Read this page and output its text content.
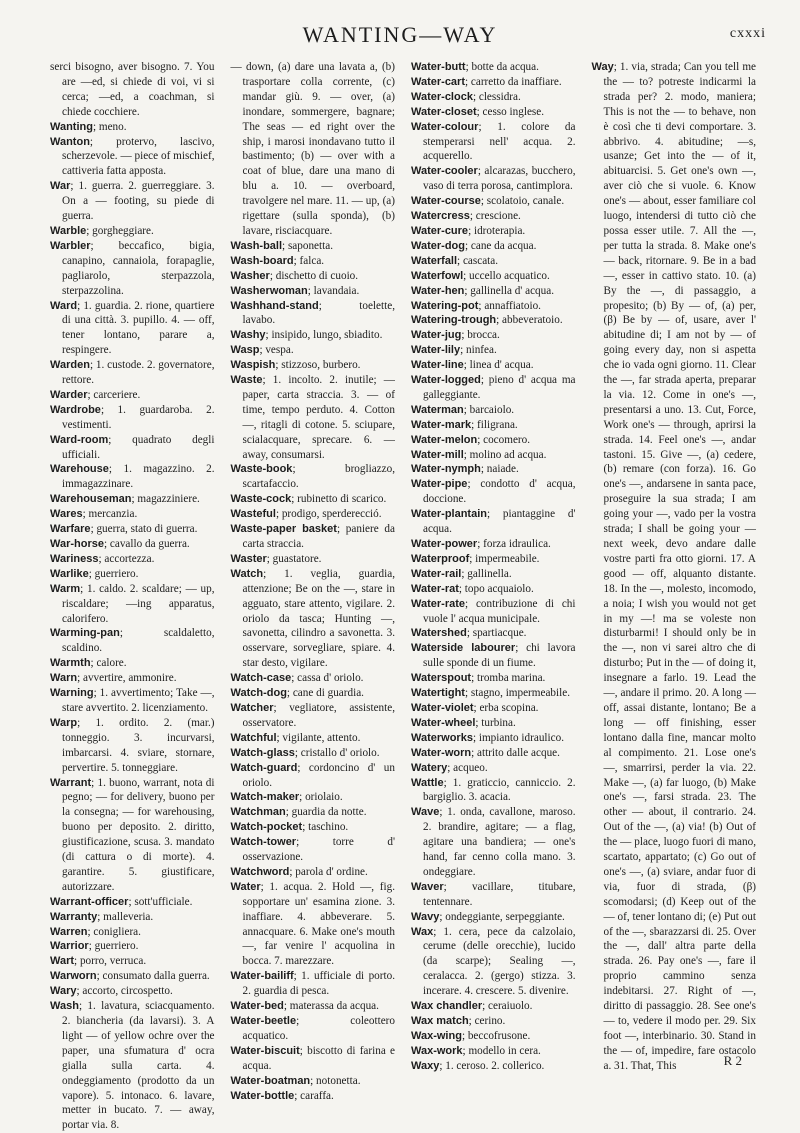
WANTING—WAY	cxxxi

serci bisogno, aver bisogno. 7. You are —ed, si chiede di voi, vi si cerca; —ed, a coachman, si chiede cocchiere.

Wanting; meno.

Wanton; protervo, lascivo, scherzevole. — piece of mischief, cattiveria fatta apposta.

War; 1. guerra. 2. guerreggiare. 3. On a — footing, su piede di guerra.

Warble; gorgheggiare.

Warbler; beccafico, bigia, canapino, cannaiola, forapaglie, pagliarolo, sterpazzola, sterpazzolina.

Ward; 1. guardia. 2. rione, quartiere di una città. 3. pupillo. 4. — off, tener lontano, parare a, respingere.

Warden; 1. custode. 2. governatore, rettore.

Warder; carceriere.

Wardrobe; 1. guardaroba. 2. vestimenti.

Ward-room; quadrato degli ufficiali.

Warehouse; 1. magazzino. 2. immagazzinare.

Warehouseman; magazziniere.

Wares; mercanzia.

Warfare; guerra, stato di guerra.

War-horse; cavallo da guerra.

Wariness; accortezza.

Warlike; guerriero.

Warm; 1. caldo. 2. scaldare; — up, riscaldare; —ing apparatus, calorifero.

Warming-pan; scaldaletto, scaldino.

Warmth; calore.

Warn; avvertire, ammonire.

Warning; 1. avvertimento; Take —, stare avvertito. 2. licenziamento.

Warp; 1. ordito. 2. (mar.) tonneggio. 3. incurvarsi, imbarcarsi. 4. sviare, stornare, pervertire. 5. tonneggiare.

Warrant; 1. buono, warrant, nota di pegno; — for delivery, buono per la consegna; — for warehousing, buono per deposito. 2. diritto, giustificazione, scusa. 3. mandato (di cattura o di morte). 4. garantire. 5. giustificare, autorizzare.

Warrant-officer; sott'ufficiale.

Warranty; malleveria.

Warren; conigliera.

Warrior; guerriero.

Wart; porro, verruca.

Warworn; consumato dalla guerra.

Wary; accorto, circospetto.

Wash; 1. lavatura, sciacquamento. 2. biancheria (da lavarsi). 3. A light — of yellow ochre over the paper, una sfumatura d' ocra gialla sulla carta. 4. ondeggiamento (prodotto da un vapore). 5. intonaco. 6. lavare, metter in bucato. 7. — away, portar via. 8.

— down, (a) dare una lavata a, (b) trasportare colla corrente, (c) mandar giù. 9. — over, (a) inondare, sommergere, bagnare; The seas — ed right over the ship, i marosi inondavano tutto il bastimento; (b) — over with a coat of blue, dare una mano di blu a. 10. — overboard, travolgere nel mare. 11. — up, (a) rigettare (sulla sponda), (b) lavare, risciacquare.

Wash-ball; saponetta.

Wash-board; falca.

Washer; dischetto di cuoio.

Washerwoman; lavandaia.

Washhand-stand; toelette, lavabo.

Washy; insipido, lungo, sbiadito.

Wasp; vespa.

Waspish; stizzoso, burbero.

Waste; 1. incolto. 2. inutile; — paper, carta straccia. 3. — of time, tempo perduto. 4. Cotton —, ritagli di cotone. 5. sciupare, scialacquare, sprecare. 6. — away, consumarsi.

Waste-book; brogliazzo, scartafaccio.

Waste-cock; rubinetto di scarico.

Wasteful; prodigo, sperderecció.

Waste-paper basket; paniere da carta straccia.

Waster; guastatore.

Watch; 1. veglia, guardia, attenzione; Be on the —, stare in agguato, stare attento, vigilare. 2. oriolo da tasca; Hunting —, savonetta, cilindro a savonetta. 3. osservare, sorvegliare, spiare. 4. star desto, vigilare.

Watch-case; cassa d' oriolo.

Watch-dog; cane di guardia.

Watcher; vegliatore, assistente, osservatore.

Watchful; vigilante, attento.

Watch-glass; cristallo d' oriolo.

Watch-guard; cordoncino d' un oriolo.

Watch-maker; oriolaio.

Watchman; guardia da notte.

Watch-pocket; taschino.

Watch-tower; torre d' osservazione.

Watchword; parola d' ordine.

Water; 1. acqua. 2. Hold —, fig. sopportare un' esamina zione. 3. inaffiare. 4. abbeverare. 5. annacquare. 6. Make one's mouth —, far venire l' acquolina in bocca. 7. marezzare.

Water-bailiff; 1. ufficiale di porto. 2. guardia di pesca.

Water-bed; materassa da acqua.

Water-beetle; coleottero acquatico.

Water-biscuit; biscotto di farina e acqua.

Water-boatman; notonetta.

Water-bottle; caraffa.

Water-butt; botte da acqua.

Water-cart; carretto da inaffiare.

Water-clock; clessidra.

Water-closet; cesso inglese.

Water-colour; 1. colore da stemperarsi nell' acqua. 2. acquerello.

Water-cooler; alcarazas, bucchero, vaso di terra porosa, cantimplora.

Water-course; scolatoio, canale.

Watercress; crescione.

Water-cure; idroterapia.

Water-dog; cane da acqua.

Waterfall; cascata.

Waterfowl; uccello acquatico.

Water-hen; gallinella d' acqua.

Watering-pot; annaffiatoio.

Watering-trough; abbeveratoio.

Water-jug; brocca.

Water-lily; ninfea.

Water-line; linea d' acqua.

Water-logged; pieno d' acqua ma galleggiante.

Waterman; barcaiolo.

Water-mark; filigrana.

Water-melon; cocomero.

Water-mill; molino ad acqua.

Water-nymph; naiade.

Water-pipe; condotto d' acqua, doccione.

Water-plantain; piantaggine d' acqua.

Water-power; forza idraulica.

Waterproof; impermeabile.

Water-rail; gallinella.

Water-rat; topo acquaiolo.

Water-rate; contribuzione di chi vuole l' acqua municipale.

Watershed; spartiacque.

Waterside labourer; chi lavora sulle sponde di un fiume.

Waterspout; tromba marina.

Watertight; stagno, impermeabile.

Water-violet; erba scopina.

Water-wheel; turbina.

Waterworks; impianto idraulico.

Water-worn; attrito dalle acque.

Watery; acqueo.

Wattle; 1. graticcio, canniccio. 2. bargiglio. 3. acacia.

Wave; 1. onda, cavallone, maroso. 2. brandire, agitare; — a flag, agitare una bandiera; — one's hand, far cenno colla mano. 3. ondeggiare.

Waver; vacillare, titubare, tentennare.

Wavy; ondeggiante, serpeggiante.

Wax; 1. cera, pece da calzolaio, cerume (delle orecchie), lucido (da scarpe); Sealing —, ceralacca. 2. (gergo) stizza. 3. incerare. 4. crescere. 5. divenire.

Wax chandler; ceraiuolo.

Wax match; cerino.

Wax-wing; beccofrusone.

Wax-work; modello in cera.

Waxy; 1. ceroso. 2. collerico.

Way; 1. via, strada; Can you tell me the — to? potreste indicarmi la strada per? 2. modo, maniera; This is not the — to behave, non è così che ti devi comportare. 3. abbrivo. 4. abitudine; —s, usanze; Get into the — of it, abituarcisi. 5. Get one's own —, aver ciò che si vuole. 6. Know one's — about, esser familiare col luogo, intendersi di tutto ciò che possa esser utile. 7. All the —, per tutta la strada. 8. Make one's — back, ritornare. 9. Be in a bad —, esser in cattivo stato. 10. (a) By the —, di passaggio, a propesito; (b) By — of, (a) per, (β) Be by — of, usare, aver l' abitudine di; I am not by — of going every day, non si aspetta che io vada ogni giorno. 11. Clear the —, far strada aperta, preparar la via. 12. Come in one's —, presentarsi a uno. 13. Cut, Force, Work one's — through, aprirsi la strada. 14. Feel one's —, andar tastoni. 15. Give —, (a) cedere, (b) remare (con forza). 16. Go one's —, andarsene in santa pace, proseguire la sua strada; I am going your —, vado per la vostra strada; I shall be going your — next week, devo andare dalle vostre parti fra otto giorni. 17. A good — off, alquanto distante. 18. In the —, molesto, incomodo, a noia; I wish you would not get in my —! ma se voleste non disturbarmi! I should only be in the —, non vi sarei altro che di disturbo; Put in the — of doing it, insegnare a farlo. 19. Lead the —, andare il primo. 20. A long — off, assai distante, lontano; Be a long — off finishing, esser lontano dalla fine, mancar molto al compimento. 21. Lose one's —, smarrirsi, perder la via. 22. Make —, (a) far luogo, (b) Make one's —, farsi strada. 23. The other — about, il contrario. 24. Out of the —, (a) via! (b) Out of the — place, luogo fuori di mano, scartato, appartato; (c) Go out of one's —, (a) sviare, andar fuor di via, fuor di strada, (β) scomodarsi; (d) Keep out of the — of, tener lontano di; (e) Put out of the —, sbarazzarsi di. 25. Over the —, dall' altra parte della strada. 26. Pay one's —, fare il proprio cammino senza indebitarsi. 27. Right of —, diritto di passaggio. 28. See one's — to, vedere il modo per. 29. Six foot —, interbinario. 30. Stand in the — of, impedire, fare ostacolo a. 31. That, This	R 2
